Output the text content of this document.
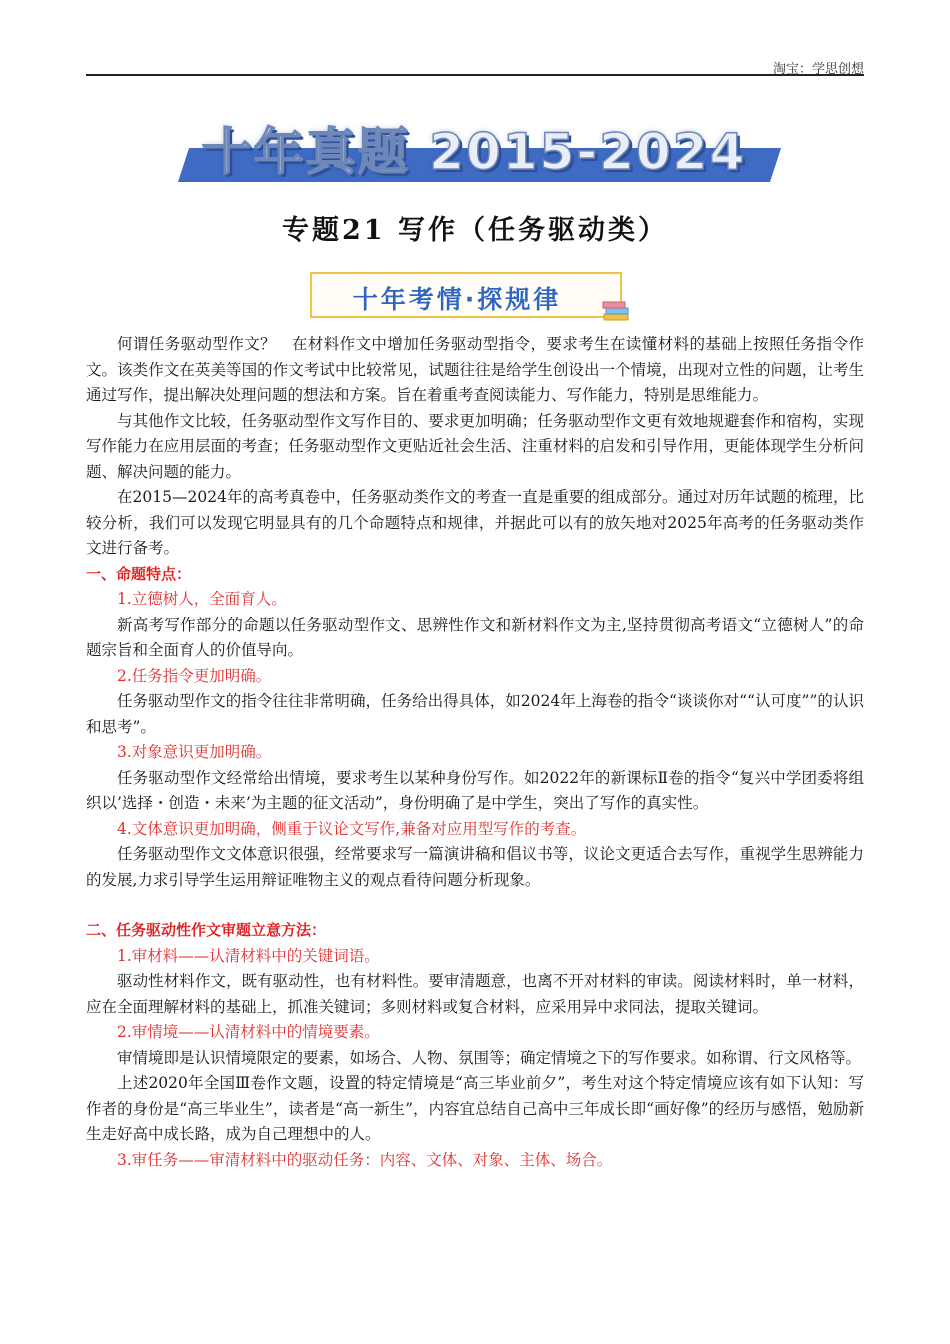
淘宝：学思创想
十年真题 2015-2024
专题21 写作（任务驱动类）
十年考情·探规律

何谓任务驱动型作文？　在材料作文中增加任务驱动型指令，要求考生在读懂材料的基础上按照任务指令作文。该类作文在英美等国的作文考试中比较常见，试题往往是给学生创设出一个情境，出现对立性的问题，让考生通过写作，提出解决处理问题的想法和方案。旨在着重考查阅读能力、写作能力，特别是思维能力。

与其他作文比较，任务驱动型作文写作目的、要求更加明确；任务驱动型作文更有效地规避套作和宿构，实现写作能力在应用层面的考查；任务驱动型作文更贴近社会生活、注重材料的启发和引导作用，更能体现学生分析问题、解决问题的能力。

在2015—2024年的高考真卷中，任务驱动类作文的考查一直是重要的组成部分。通过对历年试题的梳理，比较分析，我们可以发现它明显具有的几个命题特点和规律，并据此可以有的放矢地对2025年高考的任务驱动类作文进行备考。

一、命题特点：

1.立德树人，全面育人。

新高考写作部分的命题以任务驱动型作文、思辨性作文和新材料作文为主,坚持贯彻高考语文“立德树人”的命题宗旨和全面育人的价值导向。

2.任务指令更加明确。

任务驱动型作文的指令往往非常明确，任务给出得具体，如2024年上海卷的指令“谈谈你对““认可度””的认识和思考”。

3.对象意识更加明确。

任务驱动型作文经常给出情境，要求考生以某种身份写作。如2022年的新课标Ⅱ卷的指令“复兴中学团委将组织以’选择・创造・未来’为主题的征文活动”，身份明确了是中学生，突出了写作的真实性。

4.文体意识更加明确，侧重于议论文写作,兼备对应用型写作的考查。

任务驱动型作文文体意识很强，经常要求写一篇演讲稿和倡议书等，议论文更适合去写作，重视学生思辨能力的发展,力求引导学生运用辩证唯物主义的观点看待问题分析现象。

二、任务驱动性作文审题立意方法：

1.审材料——认清材料中的关键词语。

驱动性材料作文，既有驱动性，也有材料性。要审清题意，也离不开对材料的审读。阅读材料时，单一材料，应在全面理解材料的基础上，抓准关键词；多则材料或复合材料，应采用异中求同法，提取关键词。

2.审情境——认清材料中的情境要素。

审情境即是认识情境限定的要素，如场合、人物、氛围等；确定情境之下的写作要求。如称谓、行文风格等。

上述2020年全国Ⅲ卷作文题，设置的特定情境是“高三毕业前夕”，考生对这个特定情境应该有如下认知：写作者的身份是“高三毕业生”，读者是“高一新生”，内容宜总结自己高中三年成长即“画好像”的经历与感悟，勉励新生走好高中成长路，成为自己理想中的人。

3.审任务——审清材料中的驱动任务：内容、文体、对象、主体、场合。
